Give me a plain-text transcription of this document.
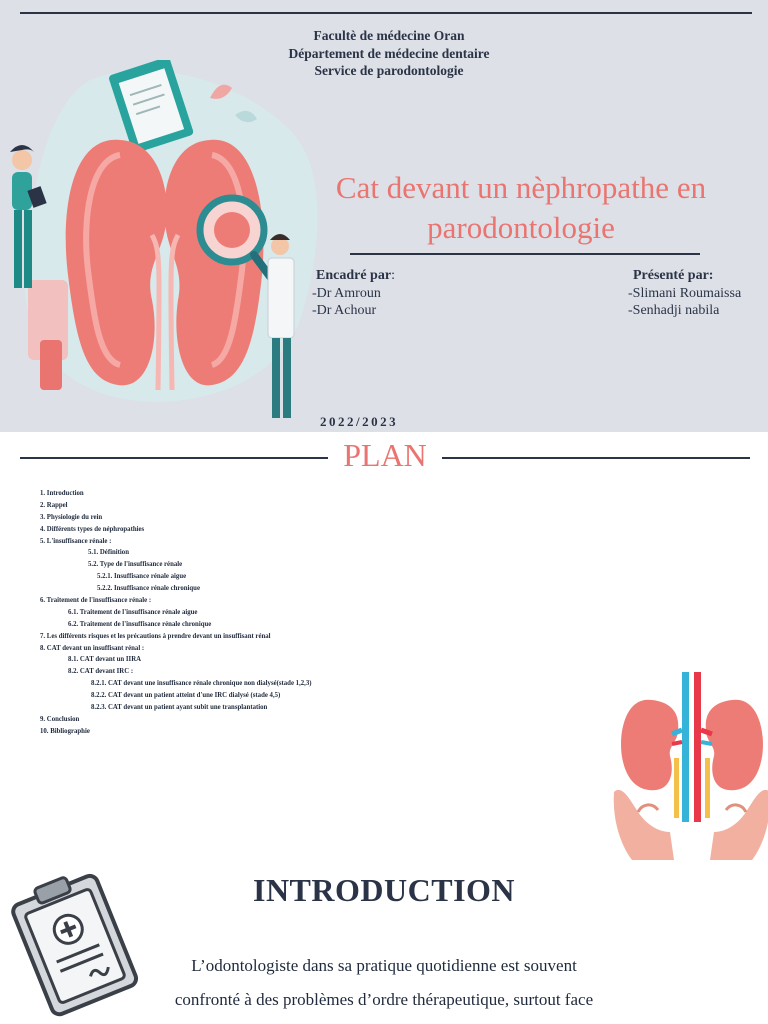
Facultè de médecine Oran
Département de médecine dentaire
Service de parodontologie
Cat devant un nèphropathe en
parodontologie
Encadré par:
-Dr Amroun
-Dr Achour
Présenté par:
-Slimani Roumaissa
-Senhadji nabila
2022/2023
PLAN
1. Introduction
2. Rappel
3. Physiologie du rein
4. Différents types de néphropathies
5. L'insuffisance rénale :
5.1. Définition
5.2. Type de l'insuffisance rénale
5.2.1. Insuffisance rénale aigue
5.2.2. Insuffisance rénale chronique
6. Traitement de l'insuffisance rénale :
6.1. Traitement de l'insuffisance rénale aigue
6.2. Traitement de l'insuffisance rénale chronique
7. Les différents risques et les précautions à prendre devant un insuffisant rénal
8. CAT devant un insuffisant rénal :
8.1. CAT devant un IIRA
8.2. CAT devant IRC :
8.2.1. CAT devant une insuffisance rénale chronique non dialysé(stade 1,2,3)
8.2.2. CAT devant un patient atteint d'une IRC dialysé (stade 4,5)
8.2.3. CAT devant un patient ayant subit une transplantation
9. Conclusion
10. Bibliographie
INTRODUCTION
L’odontologiste dans sa pratique quotidienne est souvent
confronté à des problèmes d’ordre thérapeutique, surtout face
